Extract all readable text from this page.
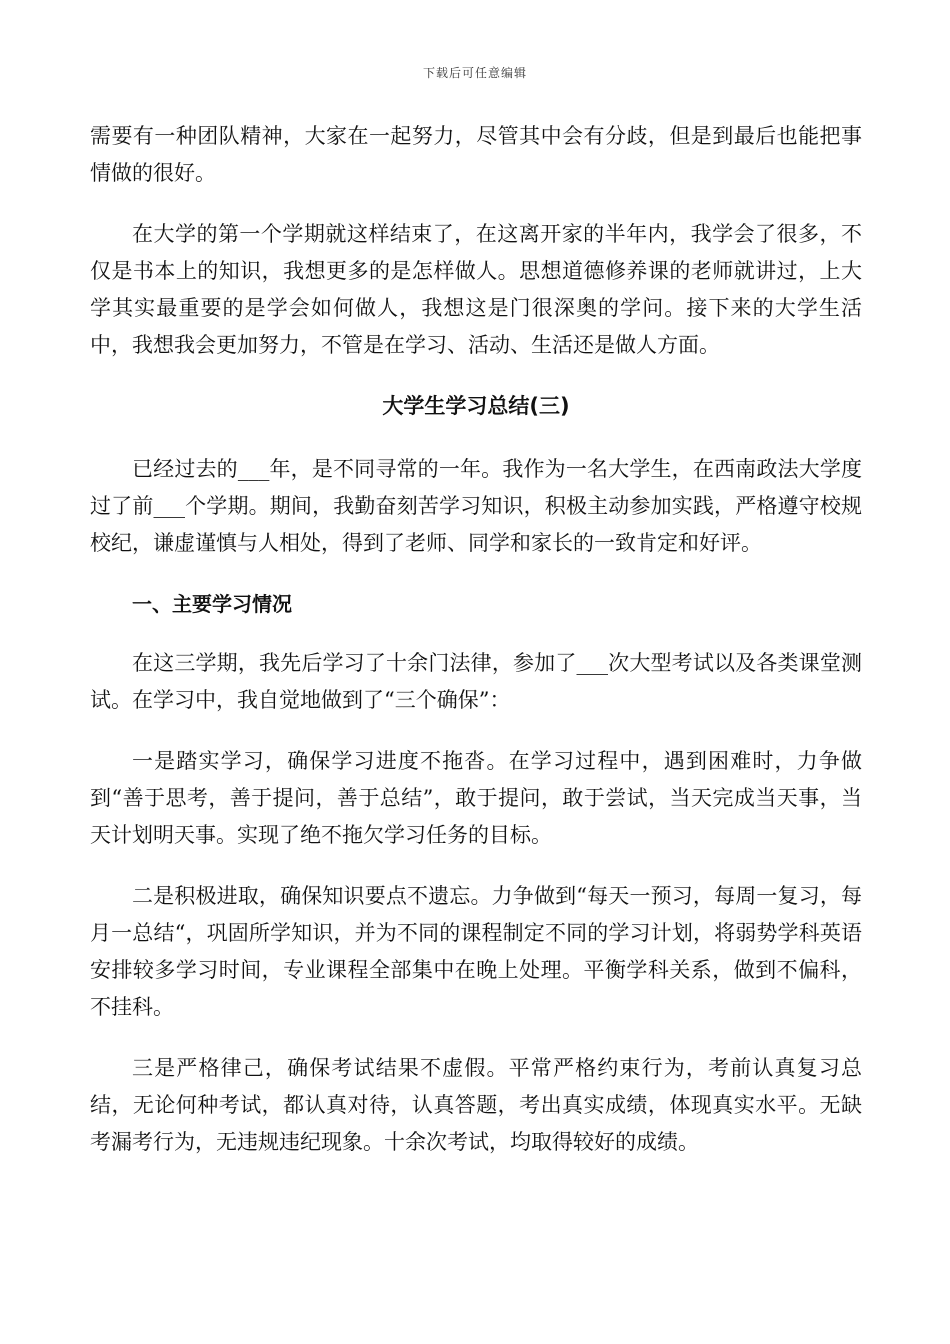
下载后可任意编辑

需要有一种团队精神，大家在一起努力，尽管其中会有分歧，但是到最后也能把事情做的很好。

在大学的第一个学期就这样结束了，在这离开家的半年内，我学会了很多，不仅是书本上的知识，我想更多的是怎样做人。思想道德修养课的老师就讲过，上大学其实最重要的是学会如何做人，我想这是门很深奥的学问。接下来的大学生活中，我想我会更加努力，不管是在学习、活动、生活还是做人方面。

大学生学习总结(三)

已经过去的___年，是不同寻常的一年。我作为一名大学生，在西南政法大学度过了前___个学期。期间，我勤奋刻苦学习知识，积极主动参加实践，严格遵守校规校纪，谦虚谨慎与人相处，得到了老师、同学和家长的一致肯定和好评。

一、主要学习情况

在这三学期，我先后学习了十余门法律，参加了___次大型考试以及各类课堂测试。在学习中，我自觉地做到了“三个确保”：

一是踏实学习，确保学习进度不拖沓。在学习过程中，遇到困难时，力争做到“善于思考，善于提问，善于总结”，敢于提问，敢于尝试，当天完成当天事，当天计划明天事。实现了绝不拖欠学习任务的目标。

二是积极进取，确保知识要点不遗忘。力争做到“每天一预习，每周一复习，每月一总结“，巩固所学知识，并为不同的课程制定不同的学习计划，将弱势学科英语安排较多学习时间，专业课程全部集中在晚上处理。平衡学科关系，做到不偏科，不挂科。

三是严格律己，确保考试结果不虚假。平常严格约束行为，考前认真复习总结，无论何种考试，都认真对待，认真答题，考出真实成绩，体现真实水平。无缺考漏考行为，无违规违纪现象。十余次考试，均取得较好的成绩。
